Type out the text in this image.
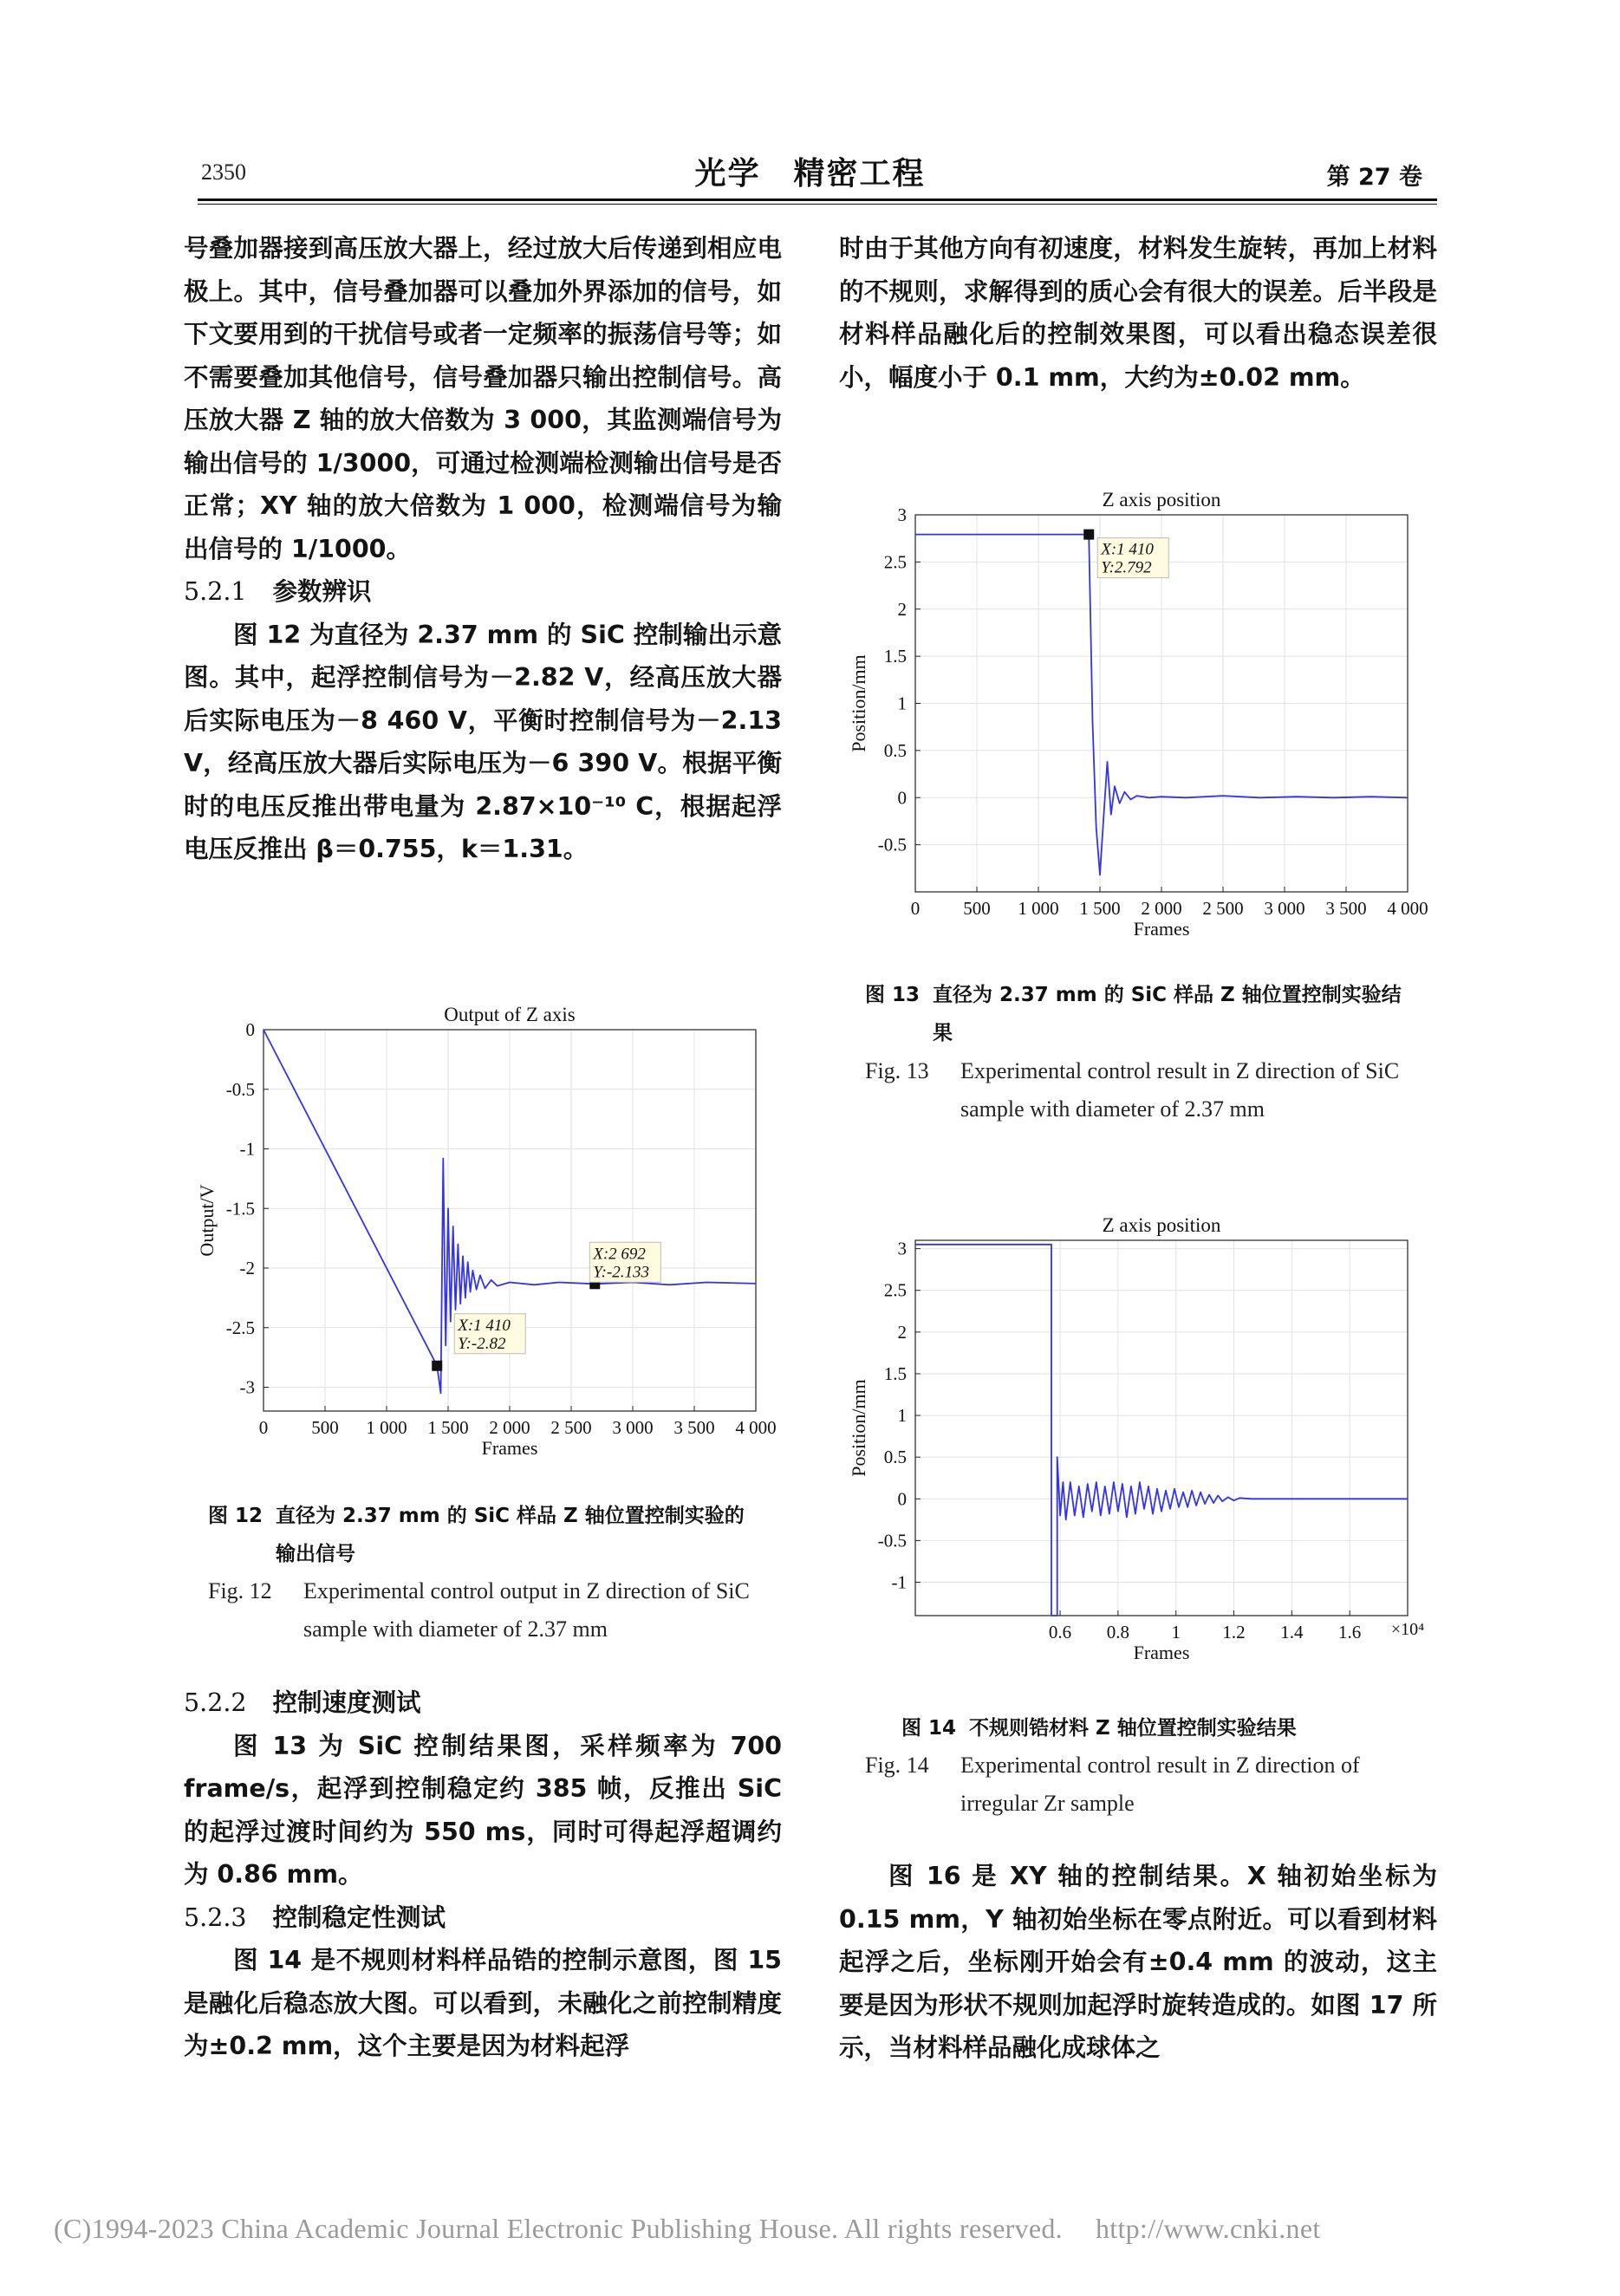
2350	光学　精密工程	第 27 卷

号叠加器接到高压放大器上，经过放大后传递到相应电极上。其中，信号叠加器可以叠加外界添加的信号，如下文要用到的干扰信号或者一定频率的振荡信号等；如不需要叠加其他信号，信号叠加器只输出控制信号。高压放大器 Z 轴的放大倍数为 3 000，其监测端信号为输出信号的 1/3000，可通过检测端检测输出信号是否正常；XY 轴的放大倍数为 1 000，检测端信号为输出信号的 1/1000。

5.2.1 参数辨识

图 12 为直径为 2.37 mm 的 SiC 控制输出示意图。其中，起浮控制信号为－2.82 V，经高压放大器后实际电压为－8 460 V，平衡时控制信号为－2.13 V，经高压放大器后实际电压为－6 390 V。根据平衡时的电压反推出带电量为 2.87×10⁻¹⁰ C，根据起浮电压反推出 β＝0.755，k＝1.31。

5.2.2 控制速度测试

图 13 为 SiC 控制结果图，采样频率为 700 frame/s，起浮到控制稳定约 385 帧，反推出 SiC 的起浮过渡时间约为 550 ms，同时可得起浮超调约为 0.86 mm。

5.2.3 控制稳定性测试

图 14 是不规则材料样品锆的控制示意图，图 15 是融化后稳态放大图。可以看到，未融化之前控制精度为±0.2 mm，这个主要是因为材料起浮

时由于其他方向有初速度，材料发生旋转，再加上材料的不规则，求解得到的质心会有很大的误差。后半段是材料样品融化后的控制效果图，可以看出稳态误差很小，幅度小于 0.1 mm，大约为±0.02 mm。

图 16 是 XY 轴的控制结果。X 轴初始坐标为 0.15 mm，Y 轴初始坐标在零点附近。可以看到材料起浮之后，坐标刚开始会有±0.4 mm 的波动，这主要是因为形状不规则加起浮时旋转造成的。如图 17 所示，当材料样品融化成球体之

0 500 1 000 1 500 2 000 2 500 3 000 3 500 4 000
0
-0.5
-1
-1.5
-2
-2.5
-3
Output of Z axis
Frames
Output/V
X:1 410
Y:-2.82
X:2 692
Y:-2.133
图 12 直径为 2.37 mm 的 SiC 样品 Z 轴位置控制实验的输出信号
Fig. 12 Experimental control output in Z direction of SiC sample with diameter of 2.37 mm
0 500 1 000 1 500 2 000 2 500 3 000 3 500 4 000
3
2.5
2
1.5
1
0.5
0
-0.5
Z axis position
Frames
Position/mm
X:1 410
Y:2.792
图 13 直径为 2.37 mm 的 SiC 样品 Z 轴位置控制实验结果
Fig. 13 Experimental control result in Z direction of SiC sample with diameter of 2.37 mm
0.6 0.8 1 1.2 1.4 1.6
3
2.5
2
1.5
1
0.5
0
-0.5
-1
×10⁴
Z axis position
Frames
Position/mm
图 14 不规则锆材料 Z 轴位置控制实验结果
Fig. 14 Experimental control result in Z direction of irregular Zr sample
(C)1994-2023 China Academic Journal Electronic Publishing House. All rights reserved. http://www.cnki.net
